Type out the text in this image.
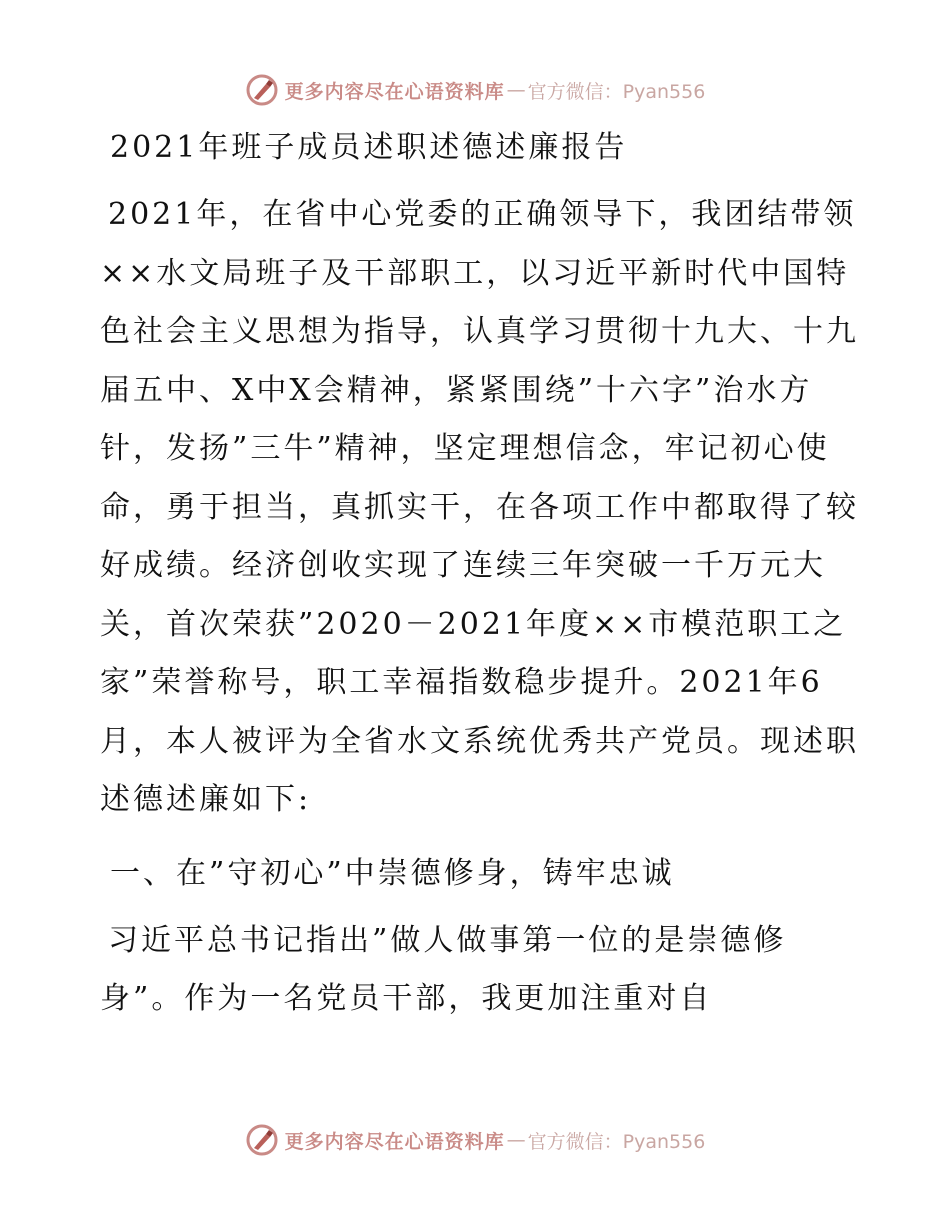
更多内容尽在心语资料库 — 官方微信：Pyan556
2021年班子成员述职述德述廉报告

2021年，在省中心党委的正确领导下，我团结带领××水文局班子及干部职工，以习近平新时代中国特色社会主义思想为指导，认真学习贯彻十九大、十九届五中、X中X会精神，紧紧围绕”十六字”治水方针，发扬”三牛”精神，坚定理想信念，牢记初心使命，勇于担当，真抓实干，在各项工作中都取得了较好成绩。经济创收实现了连续三年突破一千万元大关，首次荣获”2020－2021年度××市模范职工之家”荣誉称号，职工幸福指数稳步提升。2021年6月，本人被评为全省水文系统优秀共产党员。现述职述德述廉如下:

一、在”守初心”中崇德修身，铸牢忠诚

习近平总书记指出”做人做事第一位的是崇德修身”。作为一名党员干部，我更加注重对自

更多内容尽在心语资料库 — 官方微信：Pyan556
